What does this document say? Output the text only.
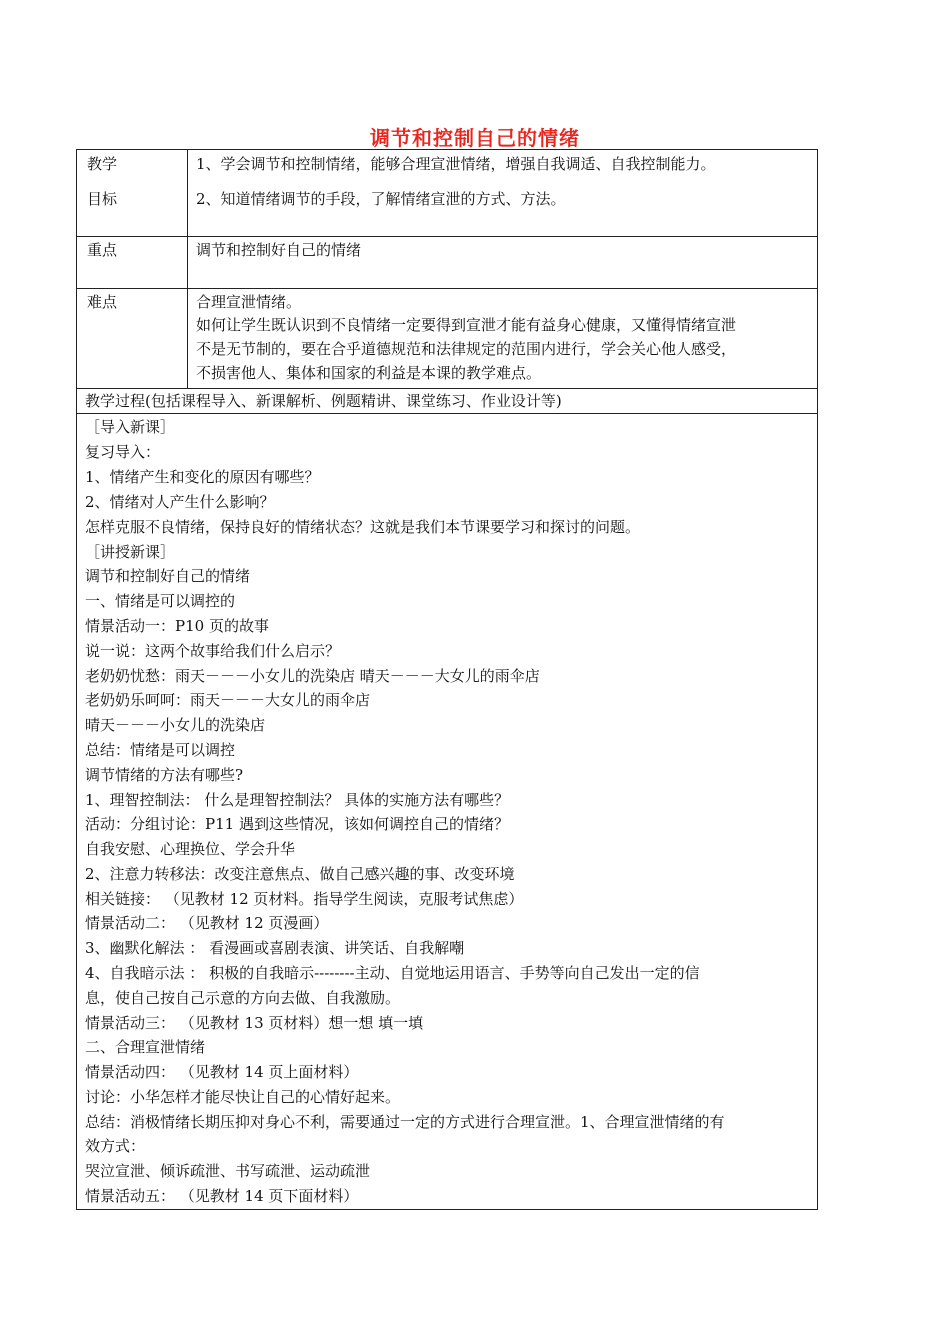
调节和控制自己的情绪
教学
目标
1、学会调节和控制情绪，能够合理宣泄情绪，增强自我调适、自我控制能力。
2、知道情绪调节的手段，了解情绪宣泄的方式、方法。
重点	调节和控制好自己的情绪
难点	合理宣泄情绪。
如何让学生既认识到不良情绪一定要得到宣泄才能有益身心健康，又懂得情绪宣泄
不是无节制的，要在合乎道德规范和法律规定的范围内进行，学会关心他人感受，
不损害他人、集体和国家的利益是本课的教学难点。
教学过程(包括课程导入、新课解析、例题精讲、课堂练习、作业设计等)
［导入新课］
复习导入：
1、情绪产生和变化的原因有哪些？
2、情绪对人产生什么影响？
怎样克服不良情绪，保持良好的情绪状态？这就是我们本节课要学习和探讨的问题。
［讲授新课］
调节和控制好自己的情绪
一、情绪是可以调控的
情景活动一：P10 页的故事
说一说：这两个故事给我们什么启示？
老奶奶忧愁：雨天－－－小女儿的洗染店 晴天－－－大女儿的雨伞店
老奶奶乐呵呵：雨天－－－大女儿的雨伞店
晴天－－－小女儿的洗染店
总结：情绪是可以调控
调节情绪的方法有哪些?
1、理智控制法： 什么是理智控制法？ 具体的实施方法有哪些？
活动：分组讨论：P11 遇到这些情况，该如何调控自己的情绪？
自我安慰、心理换位、学会升华
2、注意力转移法：改变注意焦点、做自己感兴趣的事、改变环境
相关链接： （见教材 12 页材料。指导学生阅读，克服考试焦虑）
情景活动二： （见教材 12 页漫画）
3、幽默化解法 ： 看漫画或喜剧表演、讲笑话、自我解嘲
4、自我暗示法 ： 积极的自我暗示--------主动、自觉地运用语言、手势等向自己发出一定的信
息，使自己按自己示意的方向去做、自我激励。
情景活动三： （见教材 13 页材料）想一想 填一填
二、合理宣泄情绪
情景活动四： （见教材 14 页上面材料）
讨论：小华怎样才能尽快让自己的心情好起来。
总结：消极情绪长期压抑对身心不利，需要通过一定的方式进行合理宣泄。1、合理宣泄情绪的有
效方式：
哭泣宣泄、倾诉疏泄、书写疏泄、运动疏泄
情景活动五： （见教材 14 页下面材料）
